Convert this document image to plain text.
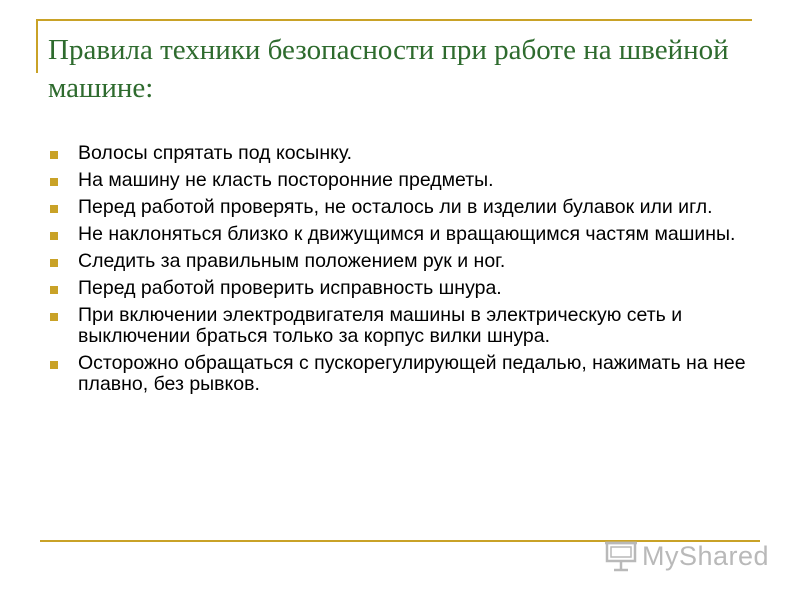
Правила техники безопасности при работе на швейной машине:
Волосы спрятать под косынку.
На машину не класть посторонние предметы.
Перед работой проверять, не осталось ли в изделии булавок или игл.
Не наклоняться близко к движущимся и вращающимся частям машины.
Следить за правильным положением рук и ног.
Перед работой проверить исправность шнура.
При включении электродвигателя машины в электрическую сеть и выключении браться только за корпус вилки шнура.
Осторожно обращаться с пускорегулирующей педалью, нажимать на нее плавно, без рывков.
MyShared
